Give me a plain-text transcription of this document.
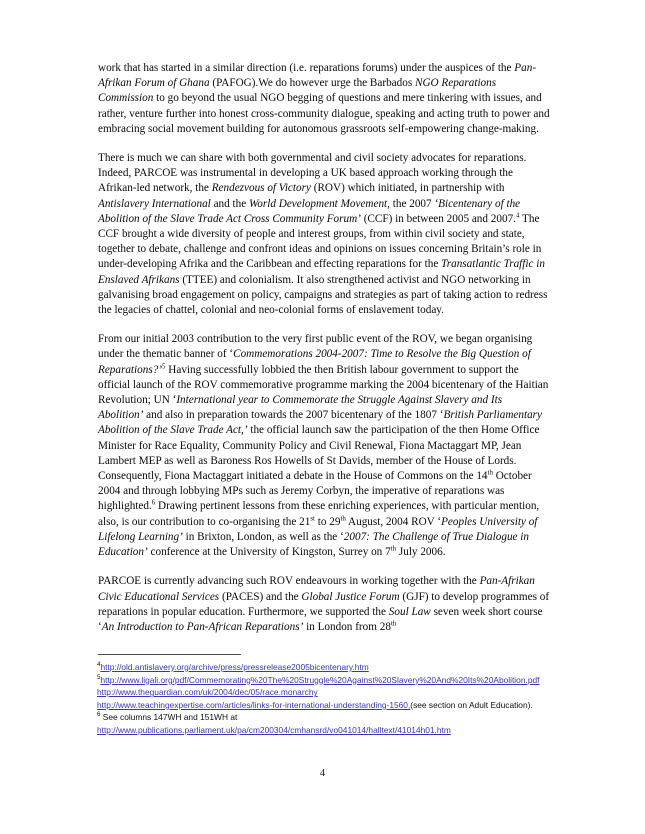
work that has started in a similar direction (i.e. reparations forums) under the auspices of the Pan-Afrikan Forum of Ghana (PAFOG).We do however urge the Barbados NGO Reparations Commission to go beyond the usual NGO begging of questions and mere tinkering with issues, and rather, venture further into honest cross-community dialogue, speaking and acting truth to power and embracing social movement building for autonomous grassroots self-empowering change-making.

There is much we can share with both governmental and civil society advocates for reparations. Indeed, PARCOE was instrumental in developing a UK based approach working through the Afrikan-led network, the Rendezvous of Victory (ROV) which initiated, in partnership with Antislavery International and the World Development Movement, the 2007 ‘Bicentenary of the Abolition of the Slave Trade Act Cross Community Forum’ (CCF) in between 2005 and 2007.$^4$ The CCF brought a wide diversity of people and interest groups, from within civil society and state, together to debate, challenge and confront ideas and opinions on issues concerning Britain’s role in under-developing Afrika and the Caribbean and effecting reparations for the Transatlantic Traffic in Enslaved Afrikans (TTEE) and colonialism. It also strengthened activist and NGO networking in galvanising broad engagement on policy, campaigns and strategies as part of taking action to redress the legacies of chattel, colonial and neo-colonial forms of enslavement today.

From our initial 2003 contribution to the very first public event of the ROV, we began organising under the thematic banner of ‘Commemorations 2004-2007: Time to Resolve the Big Question of Reparations?’$^5$ Having successfully lobbied the then British labour government to support the official launch of the ROV commemorative programme marking the 2004 bicentenary of the Haitian Revolution; UN ‘International year to Commemorate the Struggle Against Slavery and Its Abolition’ and also in preparation towards the 2007 bicentenary of the 1807 ‘British Parliamentary Abolition of the Slave Trade Act,’ the official launch saw the participation of the then Home Office Minister for Race Equality, Community Policy and Civil Renewal, Fiona Mactaggart MP, Jean Lambert MEP as well as Baroness Ros Howells of St Davids, member of the House of Lords. Consequently, Fiona Mactaggart initiated a debate in the House of Commons on the 14th October 2004 and through lobbying MPs such as Jeremy Corbyn, the imperative of reparations was highlighted.$^6$ Drawing pertinent lessons from these enriching experiences, with particular mention, also, is our contribution to co-organising the 21st to 29th August, 2004 ROV ‘Peoples University of Lifelong Learning’ in Brixton, London, as well as the ‘2007: The Challenge of True Dialogue in Education’ conference at the University of Kingston, Surrey on 7th July 2006.

PARCOE is currently advancing such ROV endeavours in working together with the Pan-Afrikan Civic Educational Services (PACES) and the Global Justice Forum (GJF) to develop programmes of reparations in popular education. Furthermore, we supported the Soul Law seven week short course ‘An Introduction to Pan-African Reparations’ in London from 28th

$^4$http://old.antislavery.org/archive/press/pressrelease2005bicentenary.htm
$^5$http://www.ligali.org/pdf/Commemorating%20The%20Struggle%20Against%20Slavery%20And%20Its%20Abolition.pdf
http://www.theguardian.com/uk/2004/dec/05/race.monarchy
http://www.teachingexpertise.com/articles/links-for-international-understanding-1560,(see section on Adult Education).
$^6$ See columns 147WH and 151WH at
http://www.publications.parliament.uk/pa/cm200304/cmhansrd/vo041014/halltext/41014h01.htm
4
